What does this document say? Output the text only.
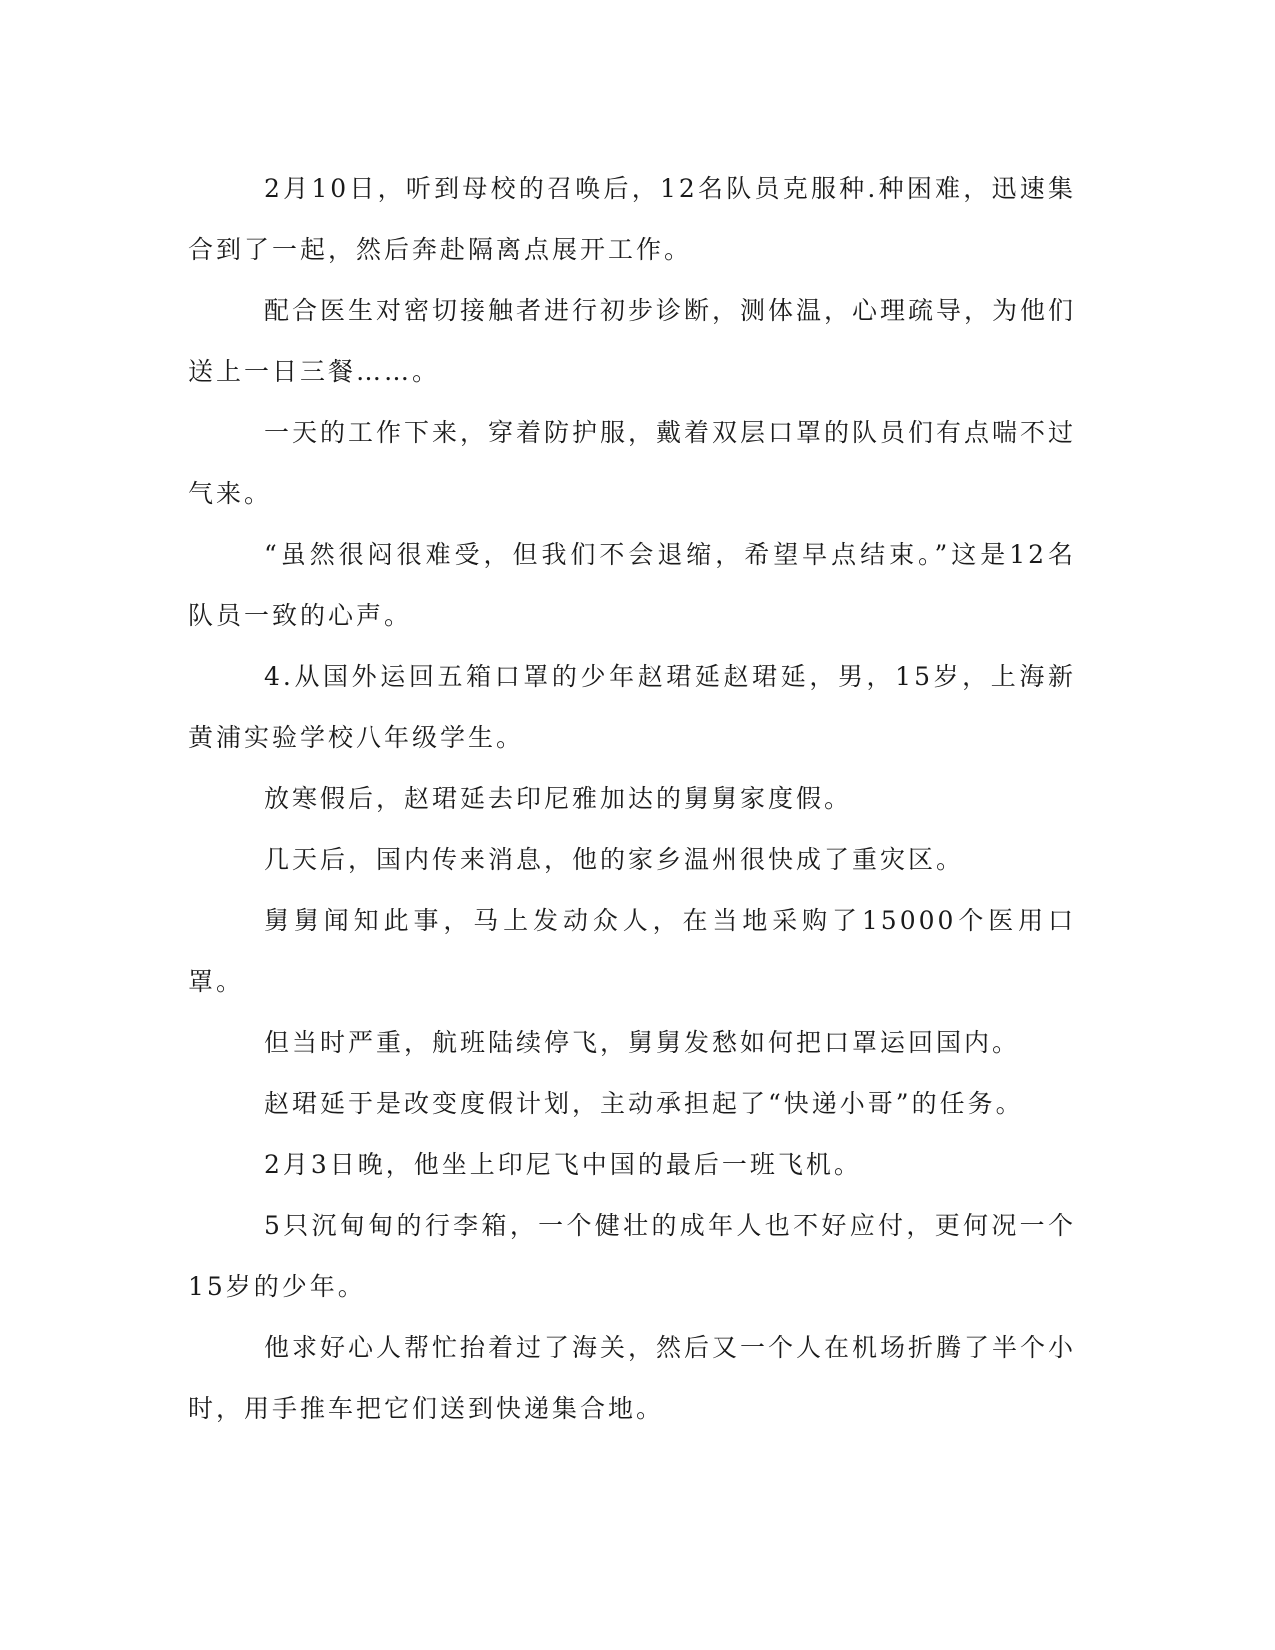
2月10日，听到母校的召唤后，12名队员克服种.种困难，迅速集合到了一起，然后奔赴隔离点展开工作。

配合医生对密切接触者进行初步诊断，测体温，心理疏导，为他们送上一日三餐……。

一天的工作下来，穿着防护服，戴着双层口罩的队员们有点喘不过气来。

“虽然很闷很难受，但我们不会退缩，希望早点结束。”这是12名队员一致的心声。

4.从国外运回五箱口罩的少年赵珺延赵珺延，男，15岁，上海新黄浦实验学校八年级学生。

放寒假后，赵珺延去印尼雅加达的舅舅家度假。

几天后，国内传来消息，他的家乡温州很快成了重灾区。

舅舅闻知此事，马上发动众人，在当地采购了15000个医用口罩。

但当时严重，航班陆续停飞，舅舅发愁如何把口罩运回国内。

赵珺延于是改变度假计划，主动承担起了“快递小哥”的任务。

2月3日晚，他坐上印尼飞中国的最后一班飞机。

5只沉甸甸的行李箱，一个健壮的成年人也不好应付，更何况一个15岁的少年。

他求好心人帮忙抬着过了海关，然后又一个人在机场折腾了半个小时，用手推车把它们送到快递集合地。
